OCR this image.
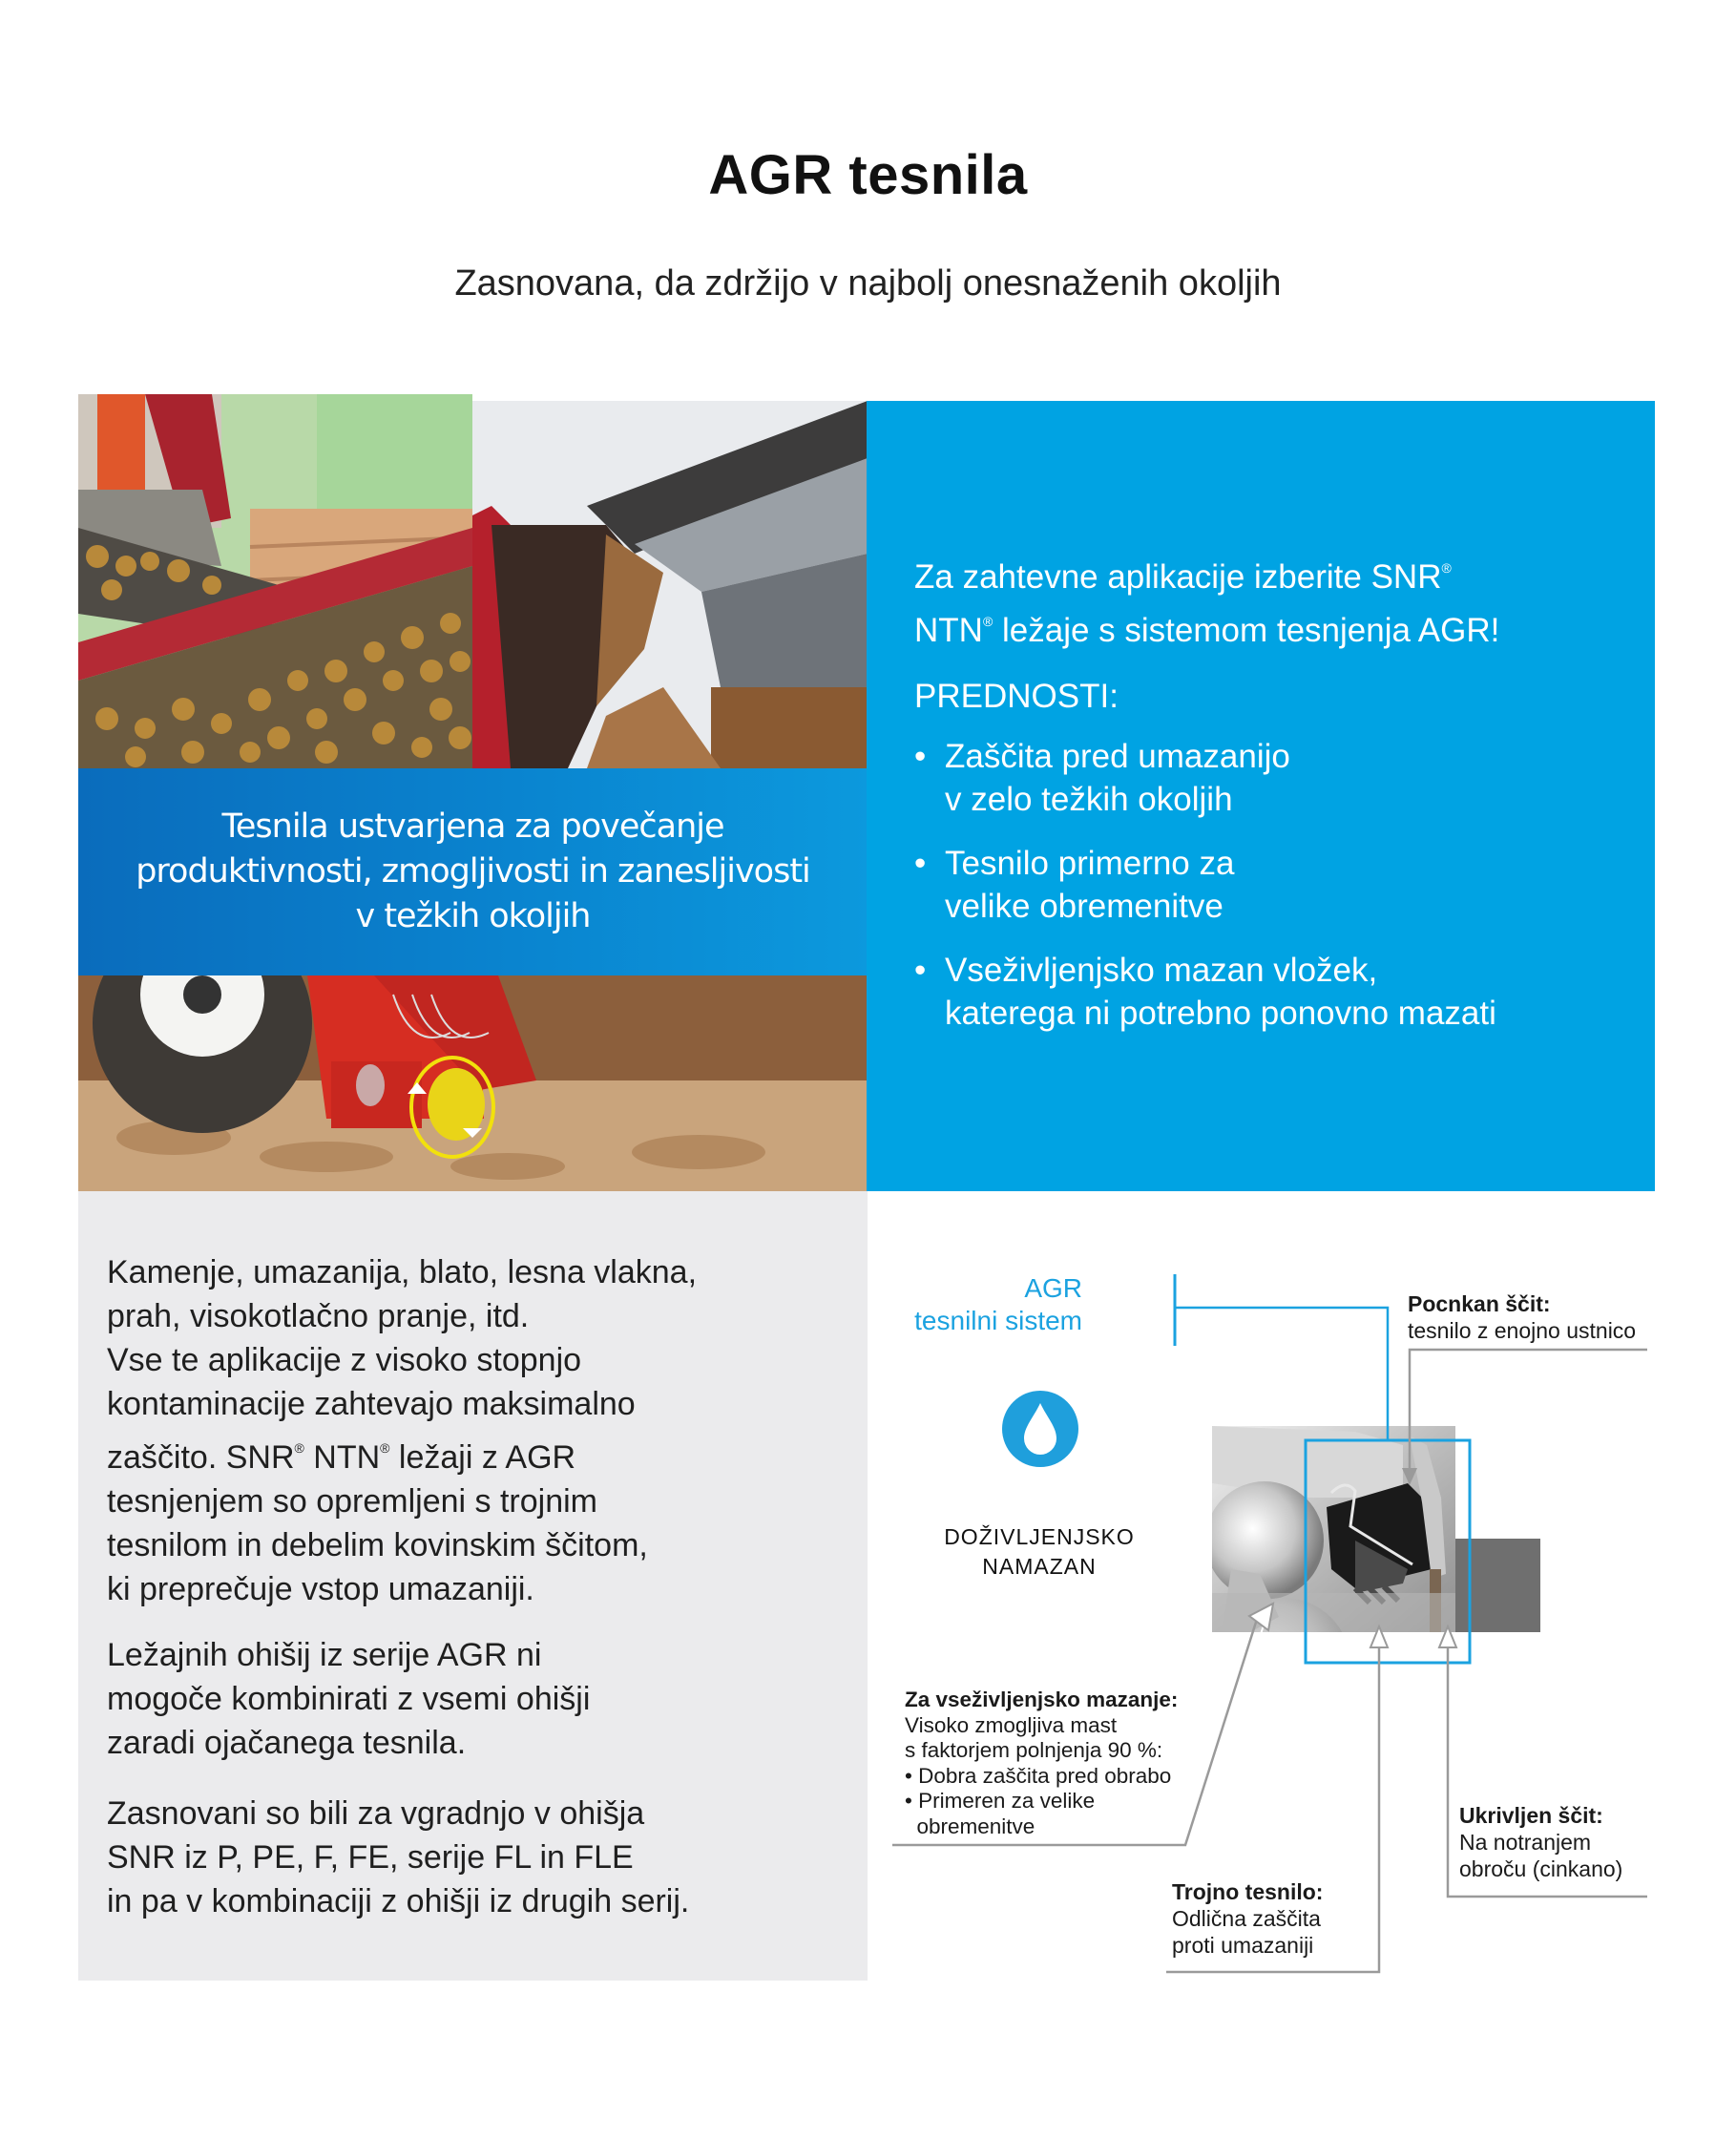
AGR tesnila
Zasnovana, da zdržijo v najbolj onesnaženih okoljih
Tesnila ustvarjena za povečanje
produktivnosti, zmogljivosti in zanesljivosti
v težkih okoljih
Za zahtevne aplikacije izberite SNR®
NTN® ležaje s sistemom tesnjenja AGR!
PREDNOSTI:
• Zaščita pred umazanijo
v zelo težkih okoljih
• Tesnilo primerno za
velike obremenitve
• Vseživljenjsko mazan vložek,
katerega ni potrebno ponovno mazati
Kamenje, umazanija, blato, lesna vlakna,
prah, visokotlačno pranje, itd.
Vse te aplikacije z visoko stopnjo
kontaminacije zahtevajo maksimalno
zaščito. SNR® NTN® ležaji z AGR
tesnjenjem so opremljeni s trojnim
tesnilom in debelim kovinskim ščitom,
ki preprečuje vstop umazaniji.
Ležajnih ohišij iz serije AGR ni
mogoče kombinirati z vsemi ohišji
zaradi ojačanega tesnila.
Zasnovani so bili za vgradnjo v ohišja
SNR iz P, PE, F, FE, serije FL in FLE
in pa v kombinaciji z ohišji iz drugih serij.
AGR
tesnilni sistem
DOŽIVLJENJSKO
NAMAZAN
Pocnkan ščit:
tesnilo z enojno ustnico
Za vseživljenjsko mazanje:
Visoko zmogljiva mast
s faktorjem polnjenja 90 %:
• Dobra zaščita pred obrabo
• Primeren za velike
obremenitve
Trojno tesnilo:
Odlična zaščita
proti umazaniji
Ukrivljen ščit:
Na notranjem
obroču (cinkano)
